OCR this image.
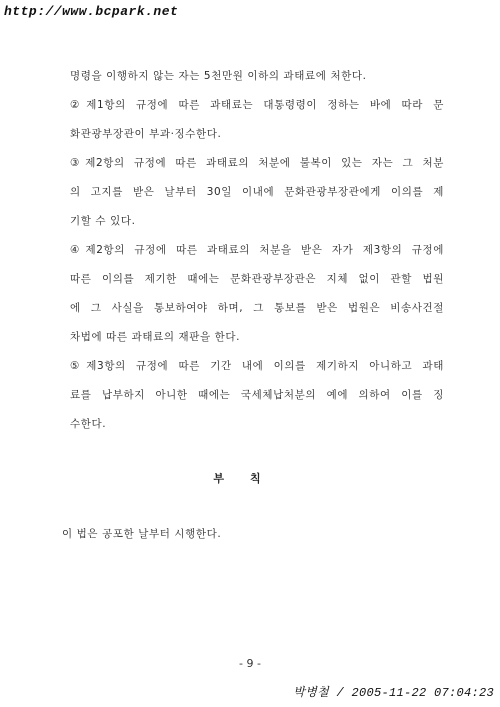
http://www.bcpark.net
명령을 이행하지 않는 자는 5천만원 이하의 과태료에 처한다.
②제1항의 규정에 따른 과태료는 대통령령이 정하는 바에 따라 문
화관광부장관이 부과·징수한다.
③제2항의 규정에 따른 과태료의 처분에 불복이 있는 자는 그 처분
의 고지를 받은 날부터 30일 이내에 문화관광부장관에게 이의를 제
기할 수 있다.
④제2항의 규정에 따른 과태료의 처분을 받은 자가 제3항의 규정에
따른 이의를 제기한 때에는 문화관광부장관은 지체 없이 관할 법원
에 그 사실을 통보하여야 하며, 그 통보를 받은 법원은 비송사건절
차법에 따른 과태료의 재판을 한다.
⑤제3항의 규정에 따른 기간 내에 이의를 제기하지 아니하고 과태
료를 납부하지 아니한 때에는 국세체납처분의 예에 의하여 이를 징
수한다.
부칙
이 법은 공포한 날부터 시행한다.
- 9 -
박병철 / 2005-11-22 07:04:23
